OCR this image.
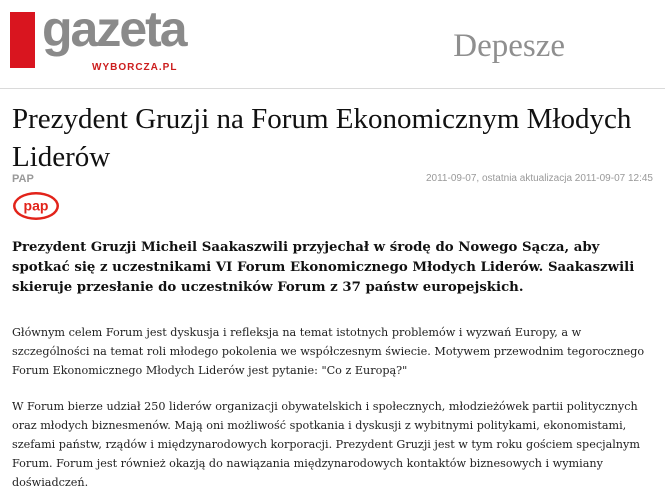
gazeta
WYBORCZA.PL
Depesze
Prezydent Gruzji na Forum Ekonomicznym Młodych Liderów
PAP	2011-09-07, ostatnia aktualizacja 2011-09-07 12:45
pap

Prezydent Gruzji Micheil Saakaszwili przyjechał w środę do Nowego Sącza, aby spotkać się z uczestnikami VI Forum Ekonomicznego Młodych Liderów. Saakaszwili skieruje przesłanie do uczestników Forum z 37 państw europejskich.

Głównym celem Forum jest dyskusja i refleksja na temat istotnych problemów i wyzwań Europy, a w szczególności na temat roli młodego pokolenia we współczesnym świecie. Motywem przewodnim tegorocznego Forum Ekonomicznego Młodych Liderów jest pytanie: "Co z Europą?"

W Forum bierze udział 250 liderów organizacji obywatelskich i społecznych, młodzieżówek partii politycznych oraz młodych biznesmenów. Mają oni możliwość spotkania i dyskusji z wybitnymi politykami, ekonomistami, szefami państw, rządów i międzynarodowych korporacji. Prezydent Gruzji jest w tym roku gościem specjalnym Forum. Forum jest również okazją do nawiązania międzynarodowych kontaktów biznesowych i wymiany doświadczeń.
